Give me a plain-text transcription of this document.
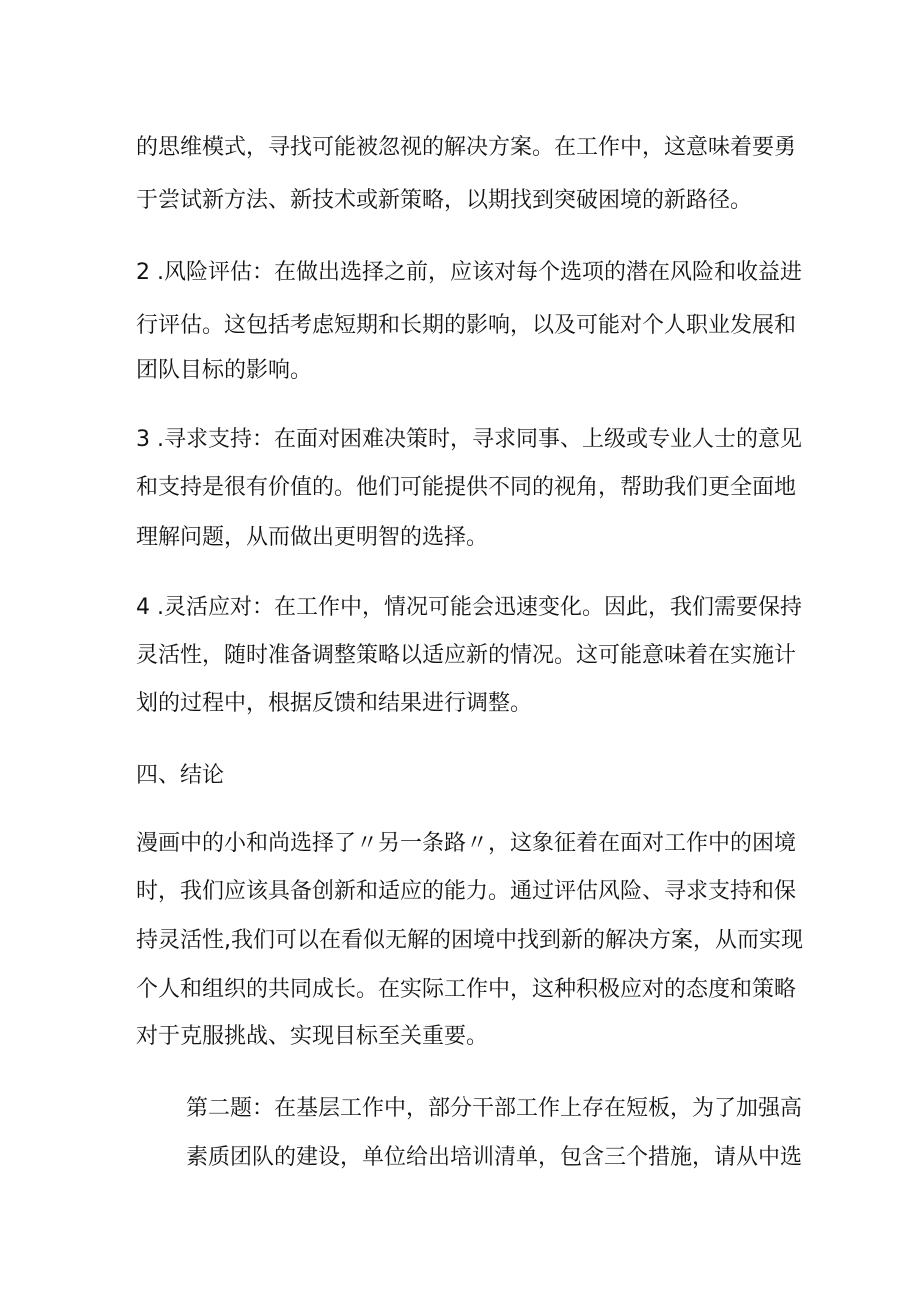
的思维模式，寻找可能被忽视的解决方案。在工作中，这意味着要勇
于尝试新方法、新技术或新策略，以期找到突破困境的新路径。
2 .风险评估：在做出选择之前，应该对每个选项的潜在风险和收益进
行评估。这包括考虑短期和长期的影响，以及可能对个人职业发展和
团队目标的影响。
3 .寻求支持：在面对困难决策时，寻求同事、上级或专业人士的意见
和支持是很有价值的。他们可能提供不同的视角，帮助我们更全面地
理解问题，从而做出更明智的选择。
4 .灵活应对：在工作中，情况可能会迅速变化。因此，我们需要保持
灵活性，随时准备调整策略以适应新的情况。这可能意味着在实施计
划的过程中，根据反馈和结果进行调整。
四、结论
漫画中的小和尚选择了〃另一条路〃，这象征着在面对工作中的困境
时，我们应该具备创新和适应的能力。通过评估风险、寻求支持和保
持灵活性,我们可以在看似无解的困境中找到新的解决方案，从而实现
个人和组织的共同成长。在实际工作中，这种积极应对的态度和策略
对于克服挑战、实现目标至关重要。
第二题：在基层工作中，部分干部工作上存在短板，为了加强高
素质团队的建设，单位给出培训清单，包含三个措施，请从中选
